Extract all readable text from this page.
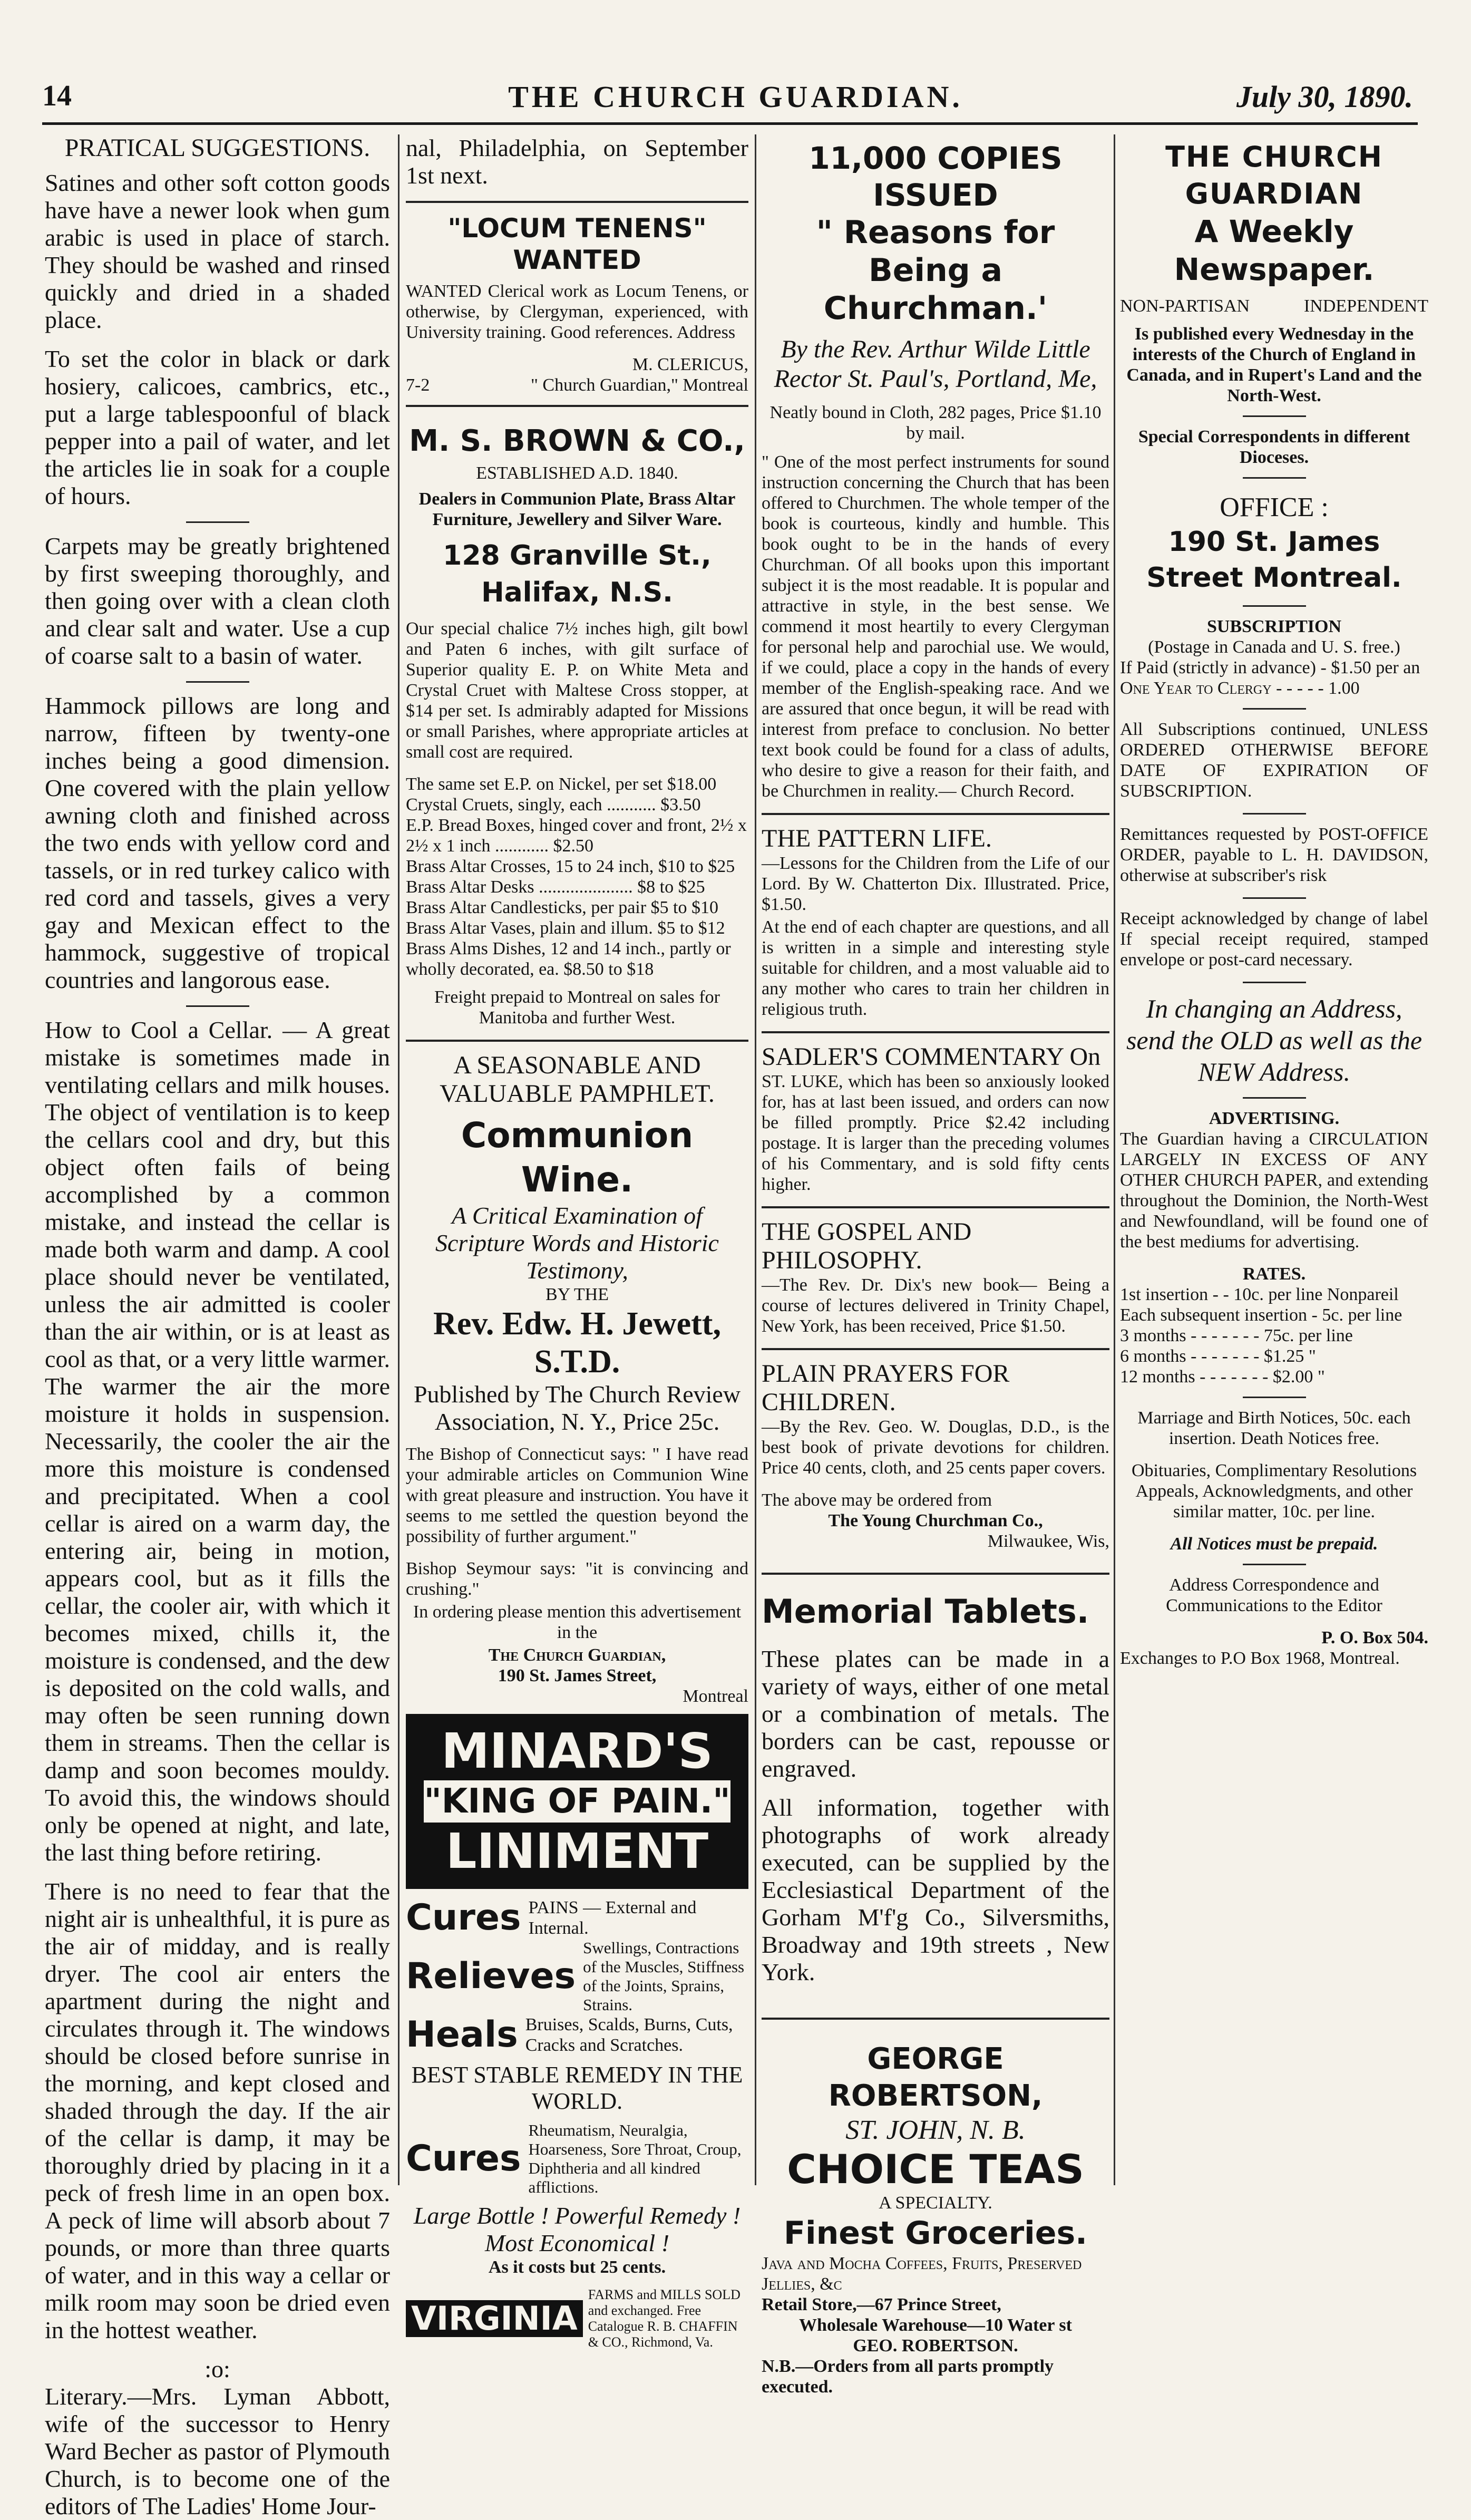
14	THE CHURCH GUARDIAN.	July 30, 1890.
PRATICAL SUGGESTIONS.

Satines and other soft cotton goods have have a newer look when gum arabic is used in place of starch. They should be washed and rinsed quickly and dried in a shaded place.

To set the color in black or dark hosiery, calicoes, cambrics, etc., put a large tablespoonful of black pepper into a pail of water, and let the articles lie in soak for a couple of hours.

Carpets may be greatly brightened by first sweeping thoroughly, and then going over with a clean cloth and clear salt and water. Use a cup of coarse salt to a basin of water.

Hammock pillows are long and narrow, fifteen by twenty-one inches being a good dimension. One covered with the plain yellow awning cloth and finished across the two ends with yellow cord and tassels, or in red turkey calico with red cord and tassels, gives a very gay and Mexican effect to the hammock, suggestive of tropical countries and langorous ease.

How to Cool a Cellar. — A great mistake is sometimes made in ventilating cellars and milk houses. The object of ventilation is to keep the cellars cool and dry, but this object often fails of being accomplished by a common mistake, and instead the cellar is made both warm and damp. A cool place should never be ventilated, unless the air admitted is cooler than the air within, or is at least as cool as that, or a very little warmer. The warmer the air the more moisture it holds in suspension. Necessarily, the cooler the air the more this moisture is condensed and precipitated. When a cool cellar is aired on a warm day, the entering air, being in motion, appears cool, but as it fills the cellar, the cooler air, with which it becomes mixed, chills it, the moisture is condensed, and the dew is deposited on the cold walls, and may often be seen running down them in streams. Then the cellar is damp and soon becomes mouldy. To avoid this, the windows should only be opened at night, and late, the last thing before retiring.

There is no need to fear that the night air is unhealthful, it is pure as the air of midday, and is really dryer. The cool air enters the apartment during the night and circulates through it. The windows should be closed before sunrise in the morning, and kept closed and shaded through the day. If the air of the cellar is damp, it may be thoroughly dried by placing in it a peck of fresh lime in an open box. A peck of lime will absorb about 7 pounds, or more than three quarts of water, and in this way a cellar or milk room may soon be dried even in the hottest weather.

:o:

Literary.—Mrs. Lyman Abbott, wife of the successor to Henry Ward Becher as pastor of Plymouth Church, is to become one of the editors of The Ladies' Home Jour-

nal, Philadelphia, on September 1st next.

"LOCUM TENENS" WANTED

WANTED Clerical work as Locum Tenens, or otherwise, by Clergyman, experienced, with University training. Good references. Address

M. CLERICUS,
7-2	" Church Guardian," Montreal
M. S. BROWN & CO.,
ESTABLISHED A.D. 1840.
Dealers in Communion Plate, Brass Altar Furniture, Jewellery and Silver Ware.
128 Granville St., Halifax, N.S.

Our special chalice 7½ inches high, gilt bowl and Paten 6 inches, with gilt surface of Superior quality E. P. on White Meta and Crystal Cruet with Maltese Cross stopper, at $14 per set. Is admirably adapted for Missions or small Parishes, where appropriate articles at small cost are required.

The same set E.P. on Nickel, per set $18.00
Crystal Cruets, singly, each ........... $3.50
E.P. Bread Boxes, hinged cover and front, 2½ x 2½ x 1 inch ............ $2.50
Brass Altar Crosses, 15 to 24 inch, $10 to $25
Brass Altar Desks ..................... $8 to $25
Brass Altar Candlesticks, per pair $5 to $10
Brass Altar Vases, plain and illum. $5 to $12
Brass Alms Dishes, 12 and 14 inch., partly or wholly decorated, ea. $8.50 to $18

Freight prepaid to Montreal on sales for Manitoba and further West.

A SEASONABLE AND VALUABLE PAMPHLET.
Communion Wine.
A Critical Examination of Scripture Words and Historic Testimony,
BY THE
Rev. Edw. H. Jewett, S.T.D.
Published by The Church Review Association, N. Y., Price 25c.

The Bishop of Connecticut says: " I have read your admirable articles on Communion Wine with great pleasure and instruction. You have it seems to me settled the question beyond the possibility of further argument."

Bishop Seymour says: "it is convincing and crushing."

In ordering please mention this advertisement in the

The Church Guardian,
190 St. James Street,
Montreal
MINARD'S
"KING OF PAIN."
LINIMENT
Cures PAINS — External and Internal.
Relieves
Swellings, Contractions of the Muscles, Stiffness of the Joints, Sprains, Strains.
Heals Bruises, Scalds, Burns, Cuts, Cracks and Scratches.
BEST STABLE REMEDY IN THE WORLD.
Cures
Rheumatism, Neuralgia, Hoarseness, Sore Throat, Croup, Diphtheria and all kindred afflictions.
Large Bottle ! Powerful Remedy ! Most Economical !
As it costs but 25 cents.
VIRGINIA
FARMS and MILLS SOLD and exchanged. Free Catalogue R. B. CHAFFIN & CO., Richmond, Va.
11,000 COPIES ISSUED
" Reasons for Being a Churchman.'
By the Rev. Arthur Wilde Little
Rector St. Paul's, Portland, Me,
Neatly bound in Cloth, 282 pages, Price $1.10 by mail.

" One of the most perfect instruments for sound instruction concerning the Church that has been offered to Churchmen. The whole temper of the book is courteous, kindly and humble. This book ought to be in the hands of every Churchman. Of all books upon this important subject it is the most readable. It is popular and attractive in style, in the best sense. We commend it most heartily to every Clergyman for personal help and parochial use. We would, if we could, place a copy in the hands of every member of the English-speaking race. And we are assured that once begun, it will be read with interest from preface to conclusion. No better text book could be found for a class of adults, who desire to give a reason for their faith, and be Churchmen in reality.— Church Record.

THE PATTERN LIFE.

—Lessons for the Children from the Life of our Lord. By W. Chatterton Dix. Illustrated. Price, $1.50.

At the end of each chapter are questions, and all is written in a simple and interesting style suitable for children, and a most valuable aid to any mother who cares to train her children in religious truth.

SADLER'S COMMENTARY On

ST. LUKE, which has been so anxiously looked for, has at last been issued, and orders can now be filled promptly. Price $2.42 including postage. It is larger than the preceding volumes of his Commentary, and is sold fifty cents higher.

THE GOSPEL AND PHILOSOPHY.

—The Rev. Dr. Dix's new book— Being a course of lectures delivered in Trinity Chapel, New York, has been received, Price $1.50.

PLAIN PRAYERS FOR CHILDREN.

—By the Rev. Geo. W. Douglas, D.D., is the best book of private devotions for children. Price 40 cents, cloth, and 25 cents paper covers.

The above may be ordered from
The Young Churchman Co.,
Milwaukee, Wis,
Memorial Tablets.

These plates can be made in a variety of ways, either of one metal or a combination of metals. The borders can be cast, repousse or engraved.

All information, together with photographs of work already executed, can be supplied by the Ecclesiastical Department of the Gorham M'f'g Co., Silversmiths, Broadway and 19th streets , New York.

GEORGE ROBERTSON,
ST. JOHN, N. B.
CHOICE TEAS
A SPECIALTY.
Finest Groceries.
Java and Mocha Coffees, Fruits, Preserved Jellies, &c
Retail Store,—67 Prince Street,
Wholesale Warehouse—10 Water st
GEO. ROBERTSON.
N.B.—Orders from all parts promptly executed.
THE CHURCH GUARDIAN
A Weekly Newspaper.
NON-PARTISAN	INDEPENDENT
Is published every Wednesday in the interests of the Church of England in Canada, and in Rupert's Land and the North-West.
Special Correspondents in different Dioceses.
OFFICE :
190 St. James Street Montreal.
SUBSCRIPTION
(Postage in Canada and U. S. free.)
If Paid (strictly in advance) - $1.50 per an
One Year to Clergy - - - - - 1.00

All Subscriptions continued, UNLESS ORDERED OTHERWISE BEFORE DATE OF EXPIRATION OF SUBSCRIPTION.

Remittances requested by POST-OFFICE ORDER, payable to L. H. DAVIDSON, otherwise at subscriber's risk

Receipt acknowledged by change of label If special receipt required, stamped envelope or post-card necessary.

In changing an Address, send the OLD as well as the NEW Address.
ADVERTISING.

The Guardian having a CIRCULATION LARGELY IN EXCESS OF ANY OTHER CHURCH PAPER, and extending throughout the Dominion, the North-West and Newfoundland, will be found one of the best mediums for advertising.

RATES.
1st insertion - - 10c. per line Nonpareil
Each subsequent insertion - 5c. per line
3 months - - - - - - - 75c. per line
6 months - - - - - - - $1.25 "
12 months - - - - - - - $2.00 "

Marriage and Birth Notices, 50c. each insertion. Death Notices free.

Obituaries, Complimentary Resolutions Appeals, Acknowledgments, and other similar matter, 10c. per line.

All Notices must be prepaid.

Address Correspondence and Communications to the Editor

P. O. Box 504.
Exchanges to P.O Box 1968, Montreal.
